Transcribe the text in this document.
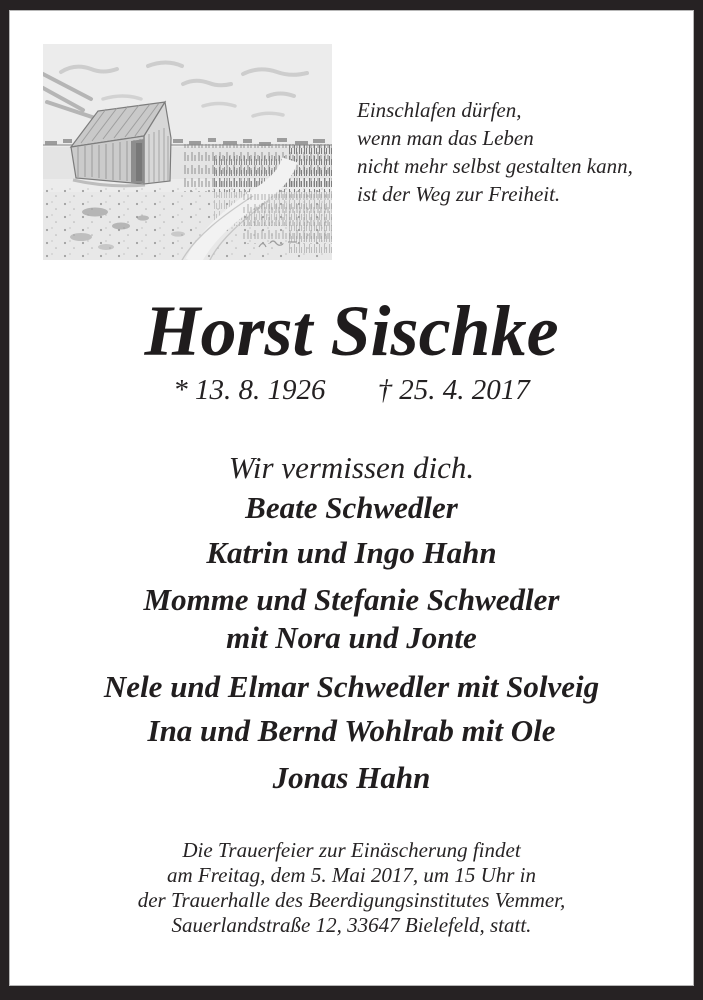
Einschlafen dürfen,
wenn man das Leben
nicht mehr selbst gestalten kann,
ist der Weg zur Freiheit.
Horst Sischke
* 13. 8. 1926 † 25. 4. 2017
Wir vermissen dich.
Beate Schwedler
Katrin und Ingo Hahn
Momme und Stefanie Schwedler
mit Nora und Jonte
Nele und Elmar Schwedler mit Solveig
Ina und Bernd Wohlrab mit Ole
Jonas Hahn
Die Trauerfeier zur Einäscherung findet
am Freitag, dem 5. Mai 2017, um 15 Uhr in
der Trauerhalle des Beerdigungsinstitutes Vemmer,
Sauerlandstraße 12, 33647 Bielefeld, statt.
